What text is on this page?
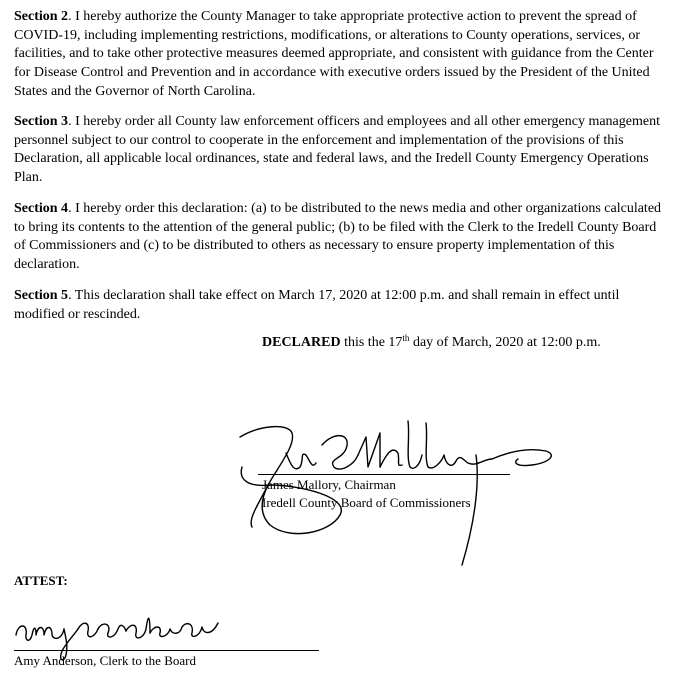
Section 2. I hereby authorize the County Manager to take appropriate protective action to prevent the spread of COVID-19, including implementing restrictions, modifications, or alterations to County operations, services, or facilities, and to take other protective measures deemed appropriate, and consistent with guidance from the Center for Disease Control and Prevention and in accordance with executive orders issued by the President of the United States and the Governor of North Carolina.

Section 3. I hereby order all County law enforcement officers and employees and all other emergency management personnel subject to our control to cooperate in the enforcement and implementation of the provisions of this Declaration, all applicable local ordinances, state and federal laws, and the Iredell County Emergency Operations Plan.

Section 4. I hereby order this declaration: (a) to be distributed to the news media and other organizations calculated to bring its contents to the attention of the general public; (b) to be filed with the Clerk to the Iredell County Board of Commissioners and (c) to be distributed to others as necessary to ensure property implementation of this declaration.

Section 5. This declaration shall take effect on March 17, 2020 at 12:00 p.m. and shall remain in effect until modified or rescinded.

DECLARED this the 17th day of March, 2020 at 12:00 p.m.

James Mallory, Chairman

Iredell County Board of Commissioners

ATTEST:

Amy Anderson, Clerk to the Board
